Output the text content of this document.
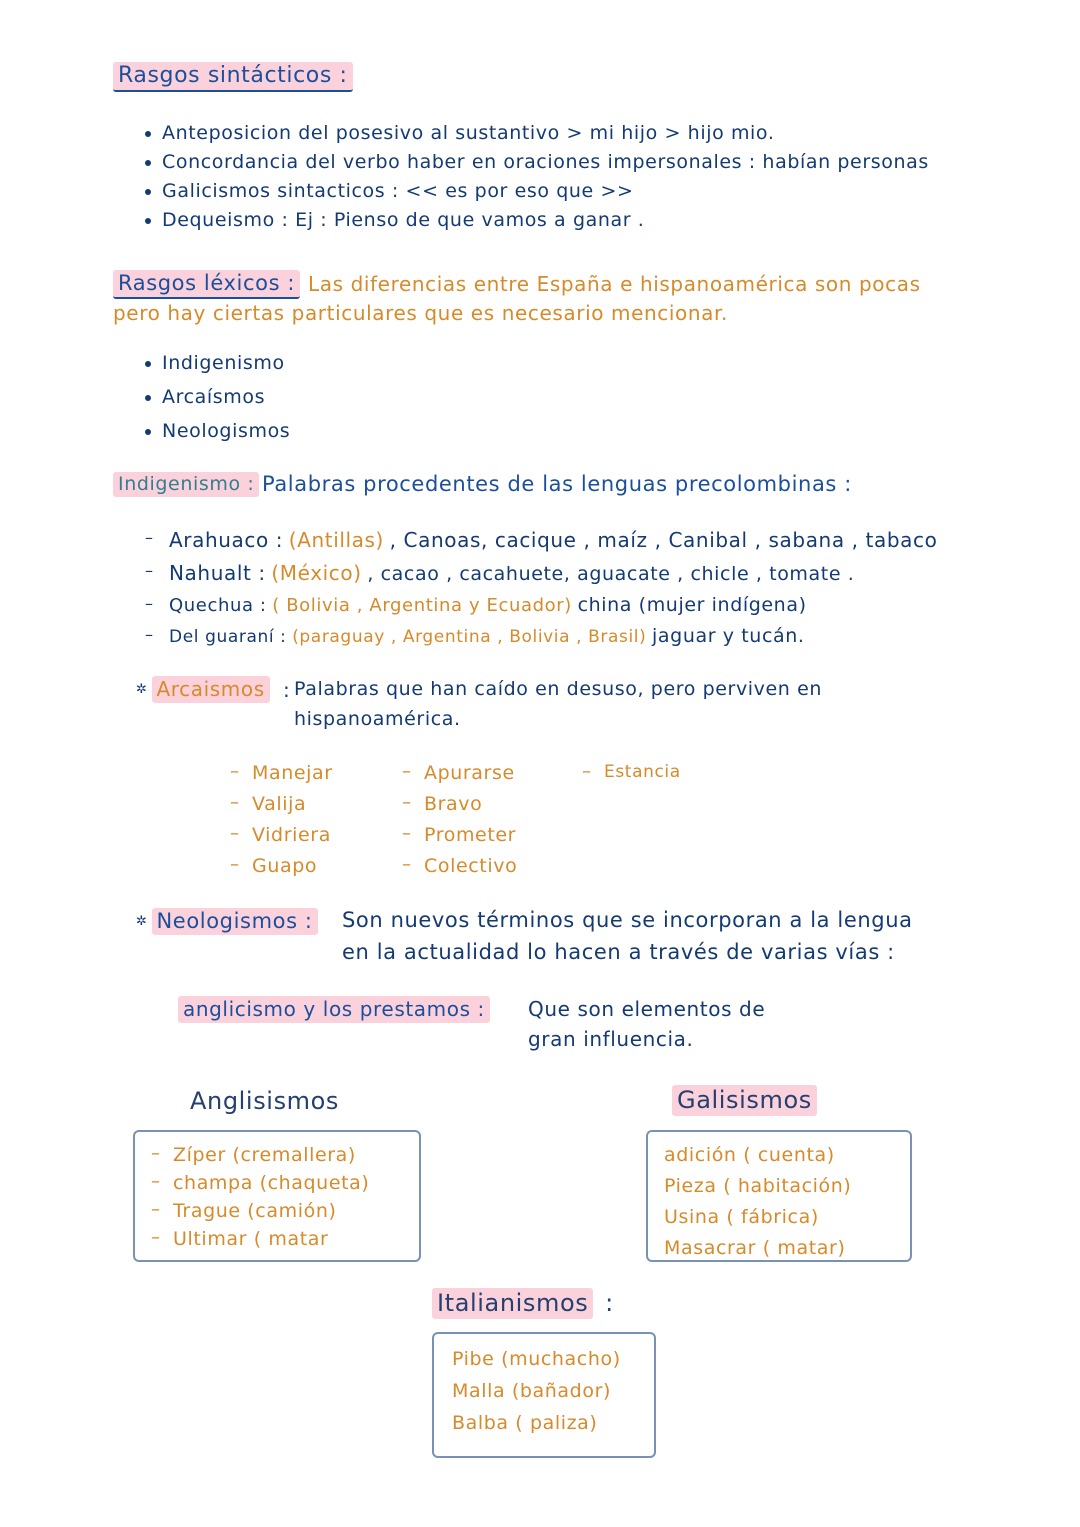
Rasgos sintácticos :
Anteposicion del posesivo al sustantivo > mi hijo > hijo mio.
Concordancia del verbo haber en oraciones impersonales : habían personas
Galicismos sintacticos : << es por eso que >>
Dequeismo : Ej : Pienso de que vamos a ganar .
Rasgos léxicos : Las diferencias entre España e hispanoamérica son pocas
pero hay ciertas particulares que es necesario mencionar.
Indigenismo
Arcaísmos
Neologismos
Indigenismo : Palabras procedentes de las lenguas precolombinas :
– Arahuaco : (Antillas) , Canoas, cacique , maíz , Canibal , sabana , tabaco
– Nahualt : (México) , cacao , cacahuete, aguacate , chicle , tomate .
– Quechua : ( Bolivia , Argentina y Ecuador) china (mujer indígena)
– Del guaraní : (paraguay , Argentina , Bolivia , Brasil) jaguar y tucán.
✲ Arcaismos : Palabras que han caído en desuso, pero perviven en
hispanoamérica.
– Manejar
– Valija
– Vidriera
– Guapo
– Apurarse
– Bravo
– Prometer
– Colectivo
– Estancia
✲ Neologismos : Son nuevos términos que se incorporan a la lengua
en la actualidad lo hacen a través de varias vías :
anglicismo y los prestamos : Que son elementos de
gran influencia.
Anglisismos
– Zíper (cremallera)
– champa (chaqueta)
– Trague (camión)
– Ultimar ( matar
Galisismos
adición ( cuenta)
Pieza ( habitación)
Usina ( fábrica)
Masacrar ( matar)
Italianismos :
Pibe (muchacho)
Malla (bañador)
Balba ( paliza)
